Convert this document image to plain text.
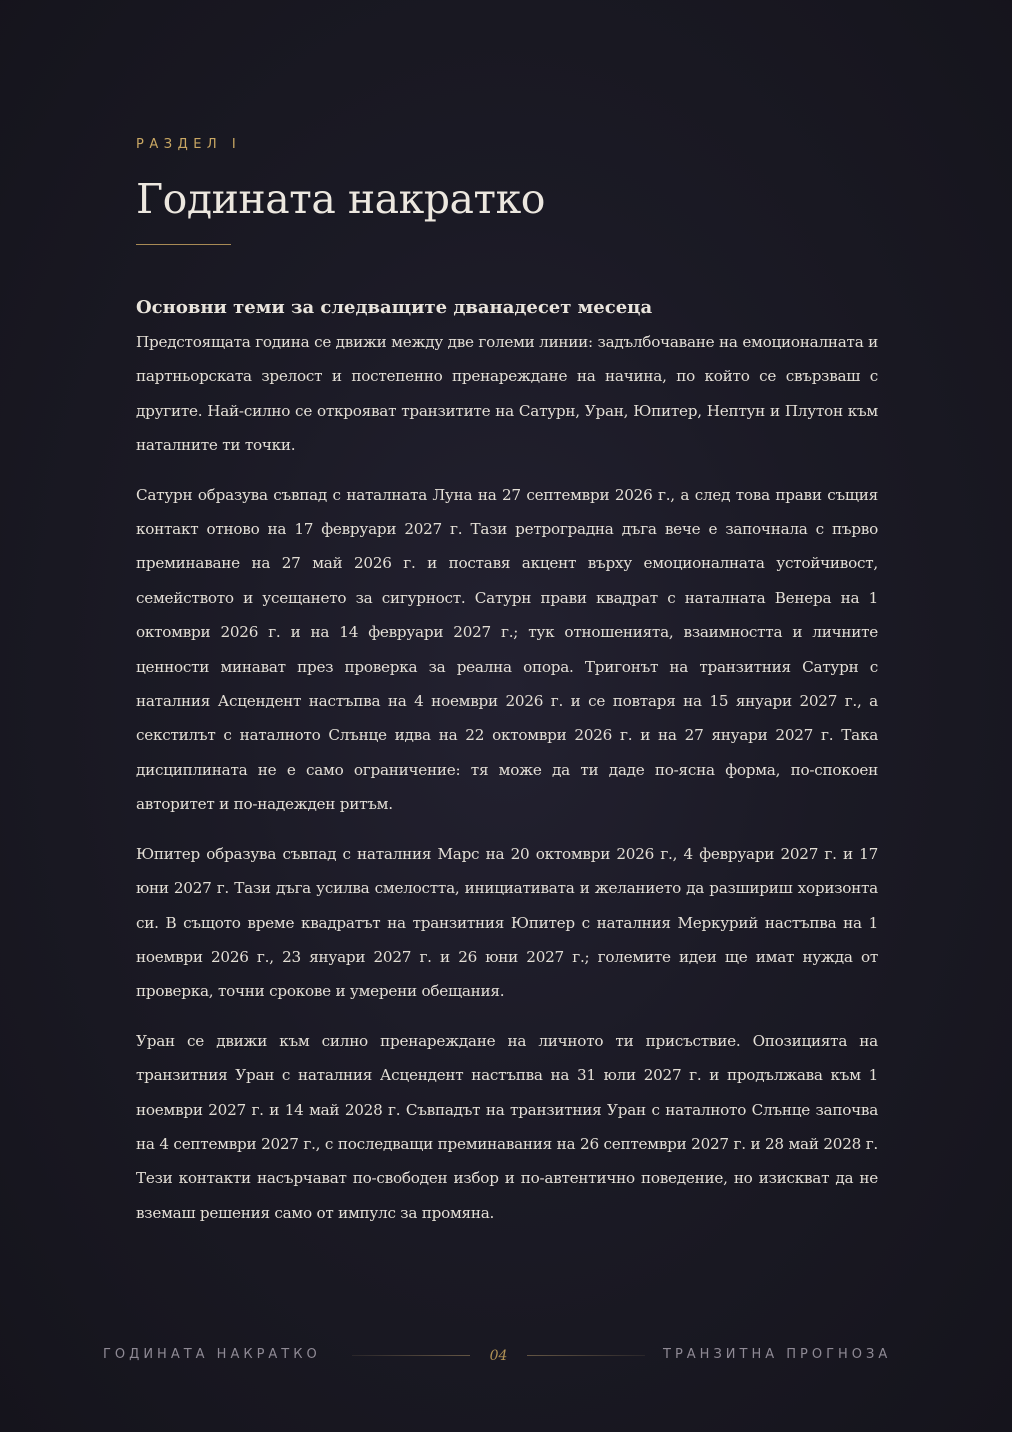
РАЗДЕЛ I

Годината накратко
Основни теми за следващите дванадесет месеца

Предстоящата година се движи между две големи линии: задълбочаване на емоционалната и партньорската зрелост и постепенно пренареждане на начина, по който се свързваш с другите. Най-силно се открояват транзитите на Сатурн, Уран, Юпитер, Нептун и Плутон към наталните ти точки.

Сатурн образува съвпад с наталната Луна на 27 септември 2026 г., а след това прави същия контакт отново на 17 февруари 2027 г. Тази ретроградна дъга вече е започнала с първо преминаване на 27 май 2026 г. и поставя акцент върху емоционалната устойчивост, семейството и усещането за сигурност. Сатурн прави квадрат с наталната Венера на 1 октомври 2026 г. и на 14 февруари 2027 г.; тук отношенията, взаимността и личните ценности минават през проверка за реална опора. Тригонът на транзитния Сатурн с наталния Асцендент настъпва на 4 ноември 2026 г. и се повтаря на 15 януари 2027 г., а секстилът с наталното Слънце идва на 22 октомври 2026 г. и на 27 януари 2027 г. Така дисциплината не е само ограничение: тя може да ти даде по-ясна форма, по-спокоен авторитет и по-надежден ритъм.

Юпитер образува съвпад с наталния Марс на 20 октомври 2026 г., 4 февруари 2027 г. и 17 юни 2027 г. Тази дъга усилва смелостта, инициативата и желанието да разшириш хоризонта си. В същото време квадратът на транзитния Юпитер с наталния Меркурий настъпва на 1 ноември 2026 г., 23 януари 2027 г. и 26 юни 2027 г.; големите идеи ще имат нужда от проверка, точни срокове и умерени обещания.

Уран се движи към силно пренареждане на личното ти присъствие. Опозицията на транзитния Уран с наталния Асцендент настъпва на 31 юли 2027 г. и продължава към 1 ноември 2027 г. и 14 май 2028 г. Съвпадът на транзитния Уран с наталното Слънце започва на 4 септември 2027 г., с последващи преминавания на 26 септември 2027 г. и 28 май 2028 г. Тези контакти насърчават по-свободен избор и по-автентично поведение, но изискват да не вземаш решения само от импулс за промяна.

ГОДИНАТА НАКРАТКО	04	ТРАНЗИТНА ПРОГНОЗА
